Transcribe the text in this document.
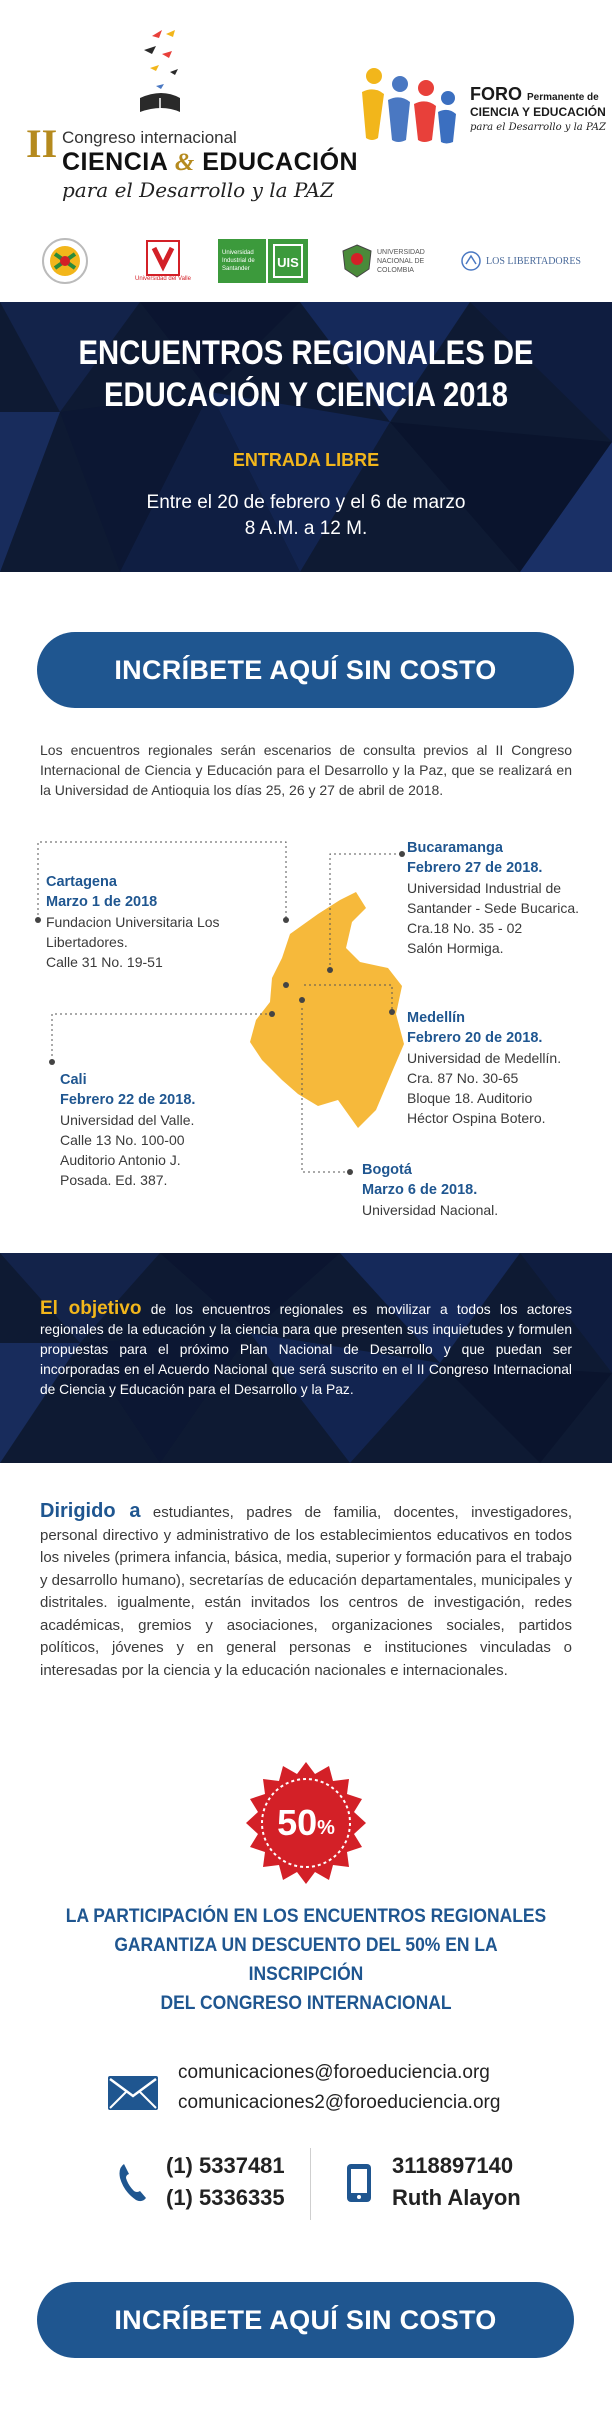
II Congreso internacional
CIENCIA & EDUCACIÓN
para el Desarrollo y la PAZ
FORO Permanente de
CIENCIA Y EDUCACIÓN
para el Desarrollo y la PAZ
Universidad del Valle
Universidad Industrial de Santander	UIS
UNIVERSIDAD NACIONAL DE COLOMBIA
LOS LIBERTADORES
ENCUENTROS REGIONALES DE
EDUCACIÓN Y CIENCIA 2018
ENTRADA LIBRE
Entre el 20 de febrero y el 6 de marzo
8 A.M. a 12 M.
INCRÍBETE AQUÍ SIN COSTO
Los encuentros regionales serán escenarios de consulta previos al II Congreso Internacional de Ciencia y Educación para el Desarrollo y la Paz, que se realizará en la Universidad de Antioquia los días 25, 26 y 27 de abril de 2018.
Cartagena
Marzo 1 de 2018
Fundacion Universitaria Los
Libertadores.
Calle 31 No. 19-51
Bucaramanga
Febrero 27 de 2018.
Universidad Industrial de
Santander - Sede Bucarica.
Cra.18 No. 35 - 02
Salón Hormiga.
Medellín
Febrero 20 de 2018.
Universidad de Medellín.
Cra. 87 No. 30-65
Bloque 18. Auditorio
Héctor Ospina Botero.
Cali
Febrero 22 de 2018.
Universidad del Valle.
Calle 13 No. 100-00
Auditorio Antonio J.
Posada. Ed. 387.
Bogotá
Marzo 6 de 2018.
Universidad Nacional.
El objetivo de los encuentros regionales es movilizar a todos los actores regionales de la educación y la ciencia para que presenten sus inquietudes y formulen propuestas para el próximo Plan Nacional de Desarrollo y que puedan ser incorporadas en el Acuerdo Nacional que será suscrito en el II Congreso Internacional de Ciencia y Educación para el Desarrollo y la Paz.
Dirigido a estudiantes, padres de familia, docentes, investigadores, personal directivo y administrativo de los establecimientos educativos en todos los niveles (primera infancia, básica, media, superior y formación para el trabajo y desarrollo humano), secretarías de educación departamentales, municipales y distritales. igualmente, están invitados los centros de investigación, redes académicas, gremios y asociaciones, organizaciones sociales, partidos políticos, jóvenes y en general personas e instituciones vinculadas o interesadas por la ciencia y la educación nacionales e internacionales.
50 %
LA PARTICIPACIÓN EN LOS ENCUENTROS REGIONALES
GARANTIZA UN DESCUENTO DEL 50% EN LA INSCRIPCIÓN
DEL CONGRESO INTERNACIONAL
comunicaciones@foroeduciencia.org
comunicaciones2@foroeduciencia.org
(1) 5337481
(1) 5336335
3118897140
Ruth Alayon
INCRÍBETE AQUÍ SIN COSTO
